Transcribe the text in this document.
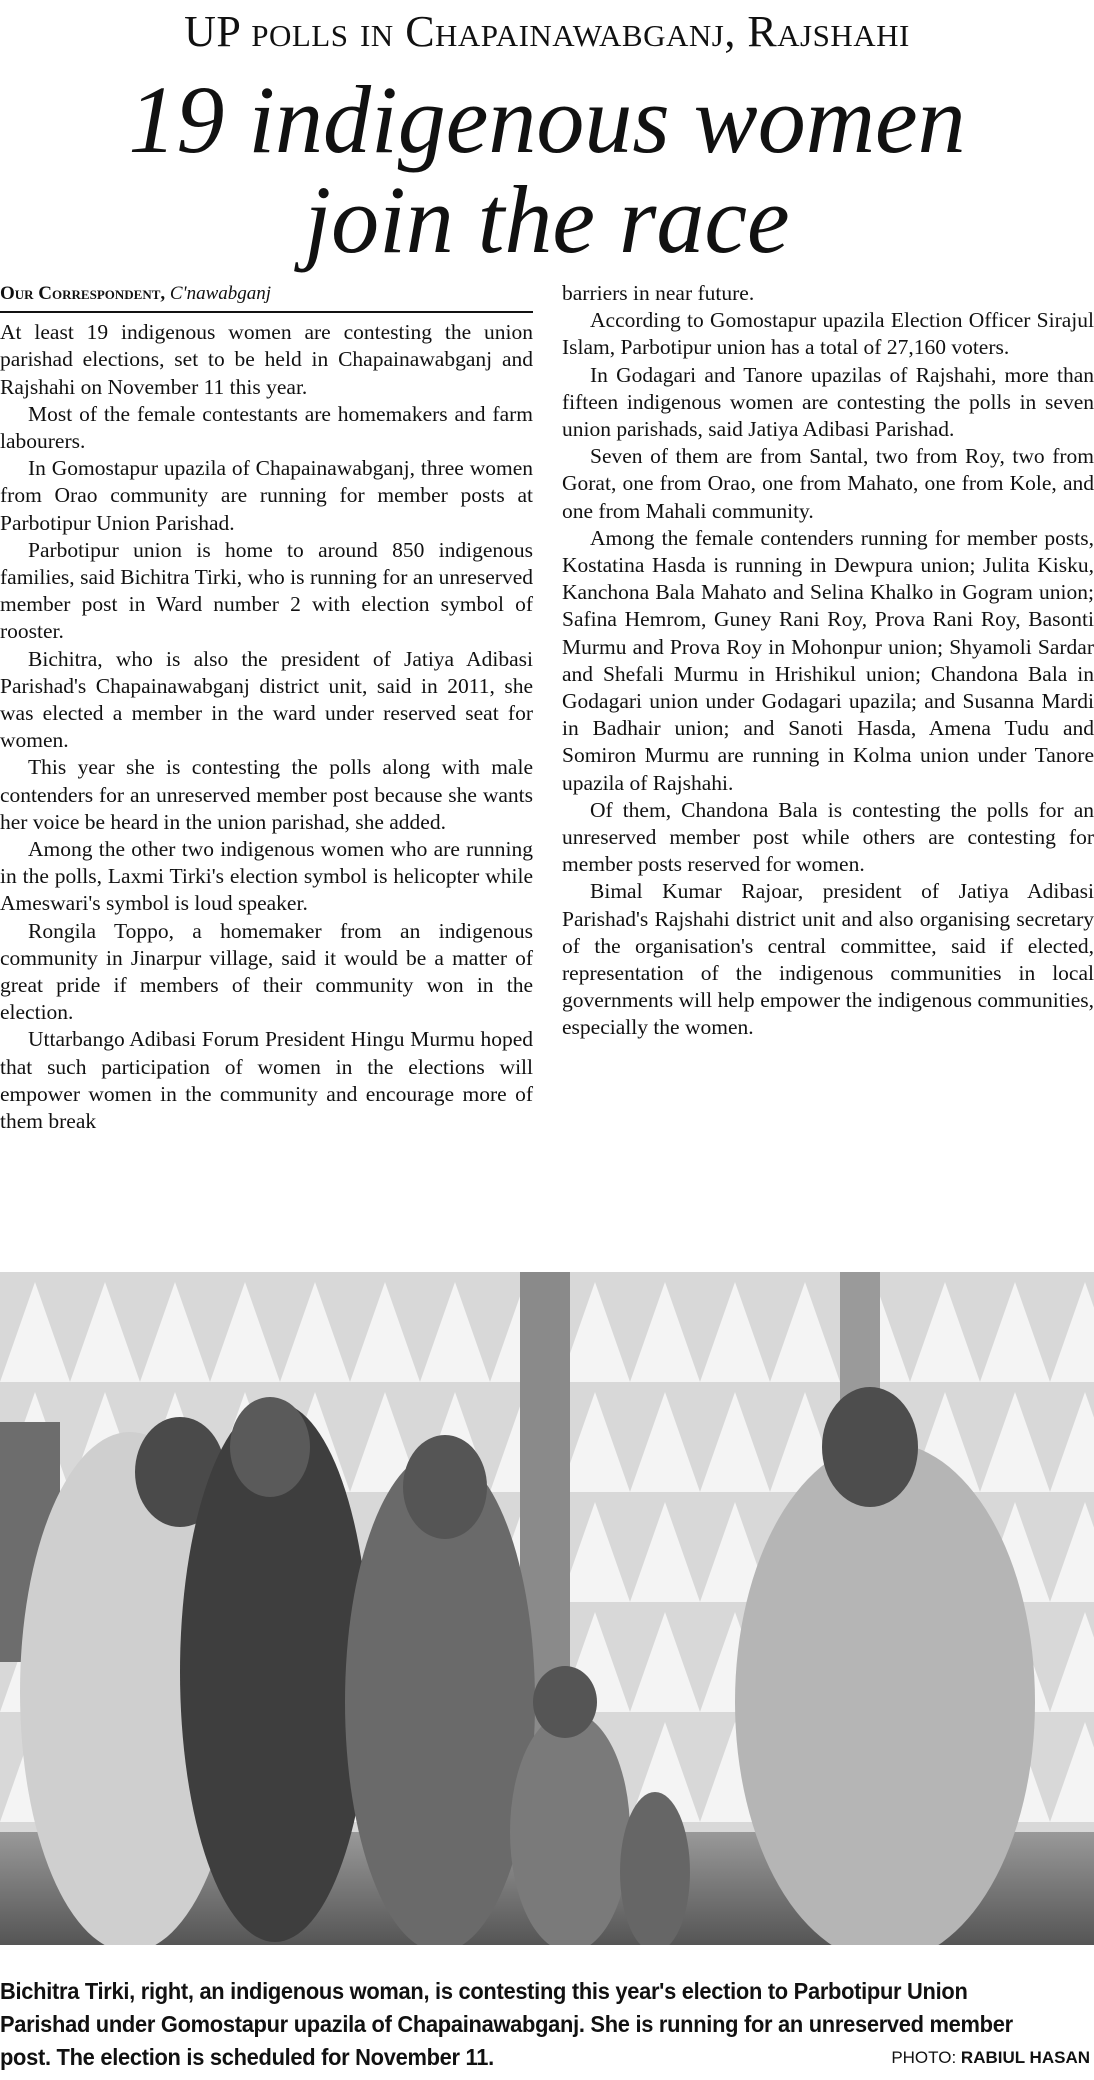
UP polls in Chapainawabganj, Rajshahi
19 indigenous women
join the race
Our Correspondent, C'nawabganj

At least 19 indigenous women are contesting the union parishad elections, set to be held in Chapainawabganj and Rajshahi on November 11 this year.

Most of the female contestants are homemakers and farm labourers.

In Gomostapur upazila of Chapainawabganj, three women from Orao community are running for member posts at Parbotipur Union Parishad.

Parbotipur union is home to around 850 indigenous families, said Bichitra Tirki, who is running for an unreserved member post in Ward number 2 with election symbol of rooster.

Bichitra, who is also the president of Jatiya Adibasi Parishad's Chapainawabganj district unit, said in 2011, she was elected a member in the ward under reserved seat for women.

This year she is contesting the polls along with male contenders for an unreserved member post because she wants her voice be heard in the union parishad, she added.

Among the other two indigenous women who are running in the polls, Laxmi Tirki's election symbol is helicopter while Ameswari's symbol is loud speaker.

Rongila Toppo, a homemaker from an indigenous community in Jinarpur village, said it would be a matter of great pride if members of their community won in the election.

Uttarbango Adibasi Forum President Hingu Murmu hoped that such participation of women in the elections will empower women in the community and encourage more of them break

barriers in near future.

According to Gomostapur upazila Election Officer Sirajul Islam, Parbotipur union has a total of 27,160 voters.

In Godagari and Tanore upazilas of Rajshahi, more than fifteen indigenous women are contesting the polls in seven union parishads, said Jatiya Adibasi Parishad.

Seven of them are from Santal, two from Roy, two from Gorat, one from Orao, one from Mahato, one from Kole, and one from Mahali community.

Among the female contenders running for member posts, Kostatina Hasda is running in Dewpura union; Julita Kisku, Kanchona Bala Mahato and Selina Khalko in Gogram union; Safina Hemrom, Guney Rani Roy, Prova Rani Roy, Basonti Murmu and Prova Roy in Mohonpur union; Shyamoli Sardar and Shefali Murmu in Hrishikul union; Chandona Bala in Godagari union under Godagari upazila; and Susanna Mardi in Badhair union; and Sanoti Hasda, Amena Tudu and Somiron Murmu are running in Kolma union under Tanore upazila of Rajshahi.

Of them, Chandona Bala is contesting the polls for an unreserved member post while others are contesting for member posts reserved for women.

Bimal Kumar Rajoar, president of Jatiya Adibasi Parishad's Rajshahi district unit and also organising secretary of the organisation's central committee, said if elected, representation of the indigenous communities in local governments will help empower the indigenous communities, especially the women.

Bichitra Tirki, right, an indigenous woman, is contesting this year's election to Parbotipur Union Parishad under Gomostapur upazila of Chapainawabganj. She is running for an unreserved member post. The election is scheduled for November 11.	PHOTO: RABIUL HASAN
